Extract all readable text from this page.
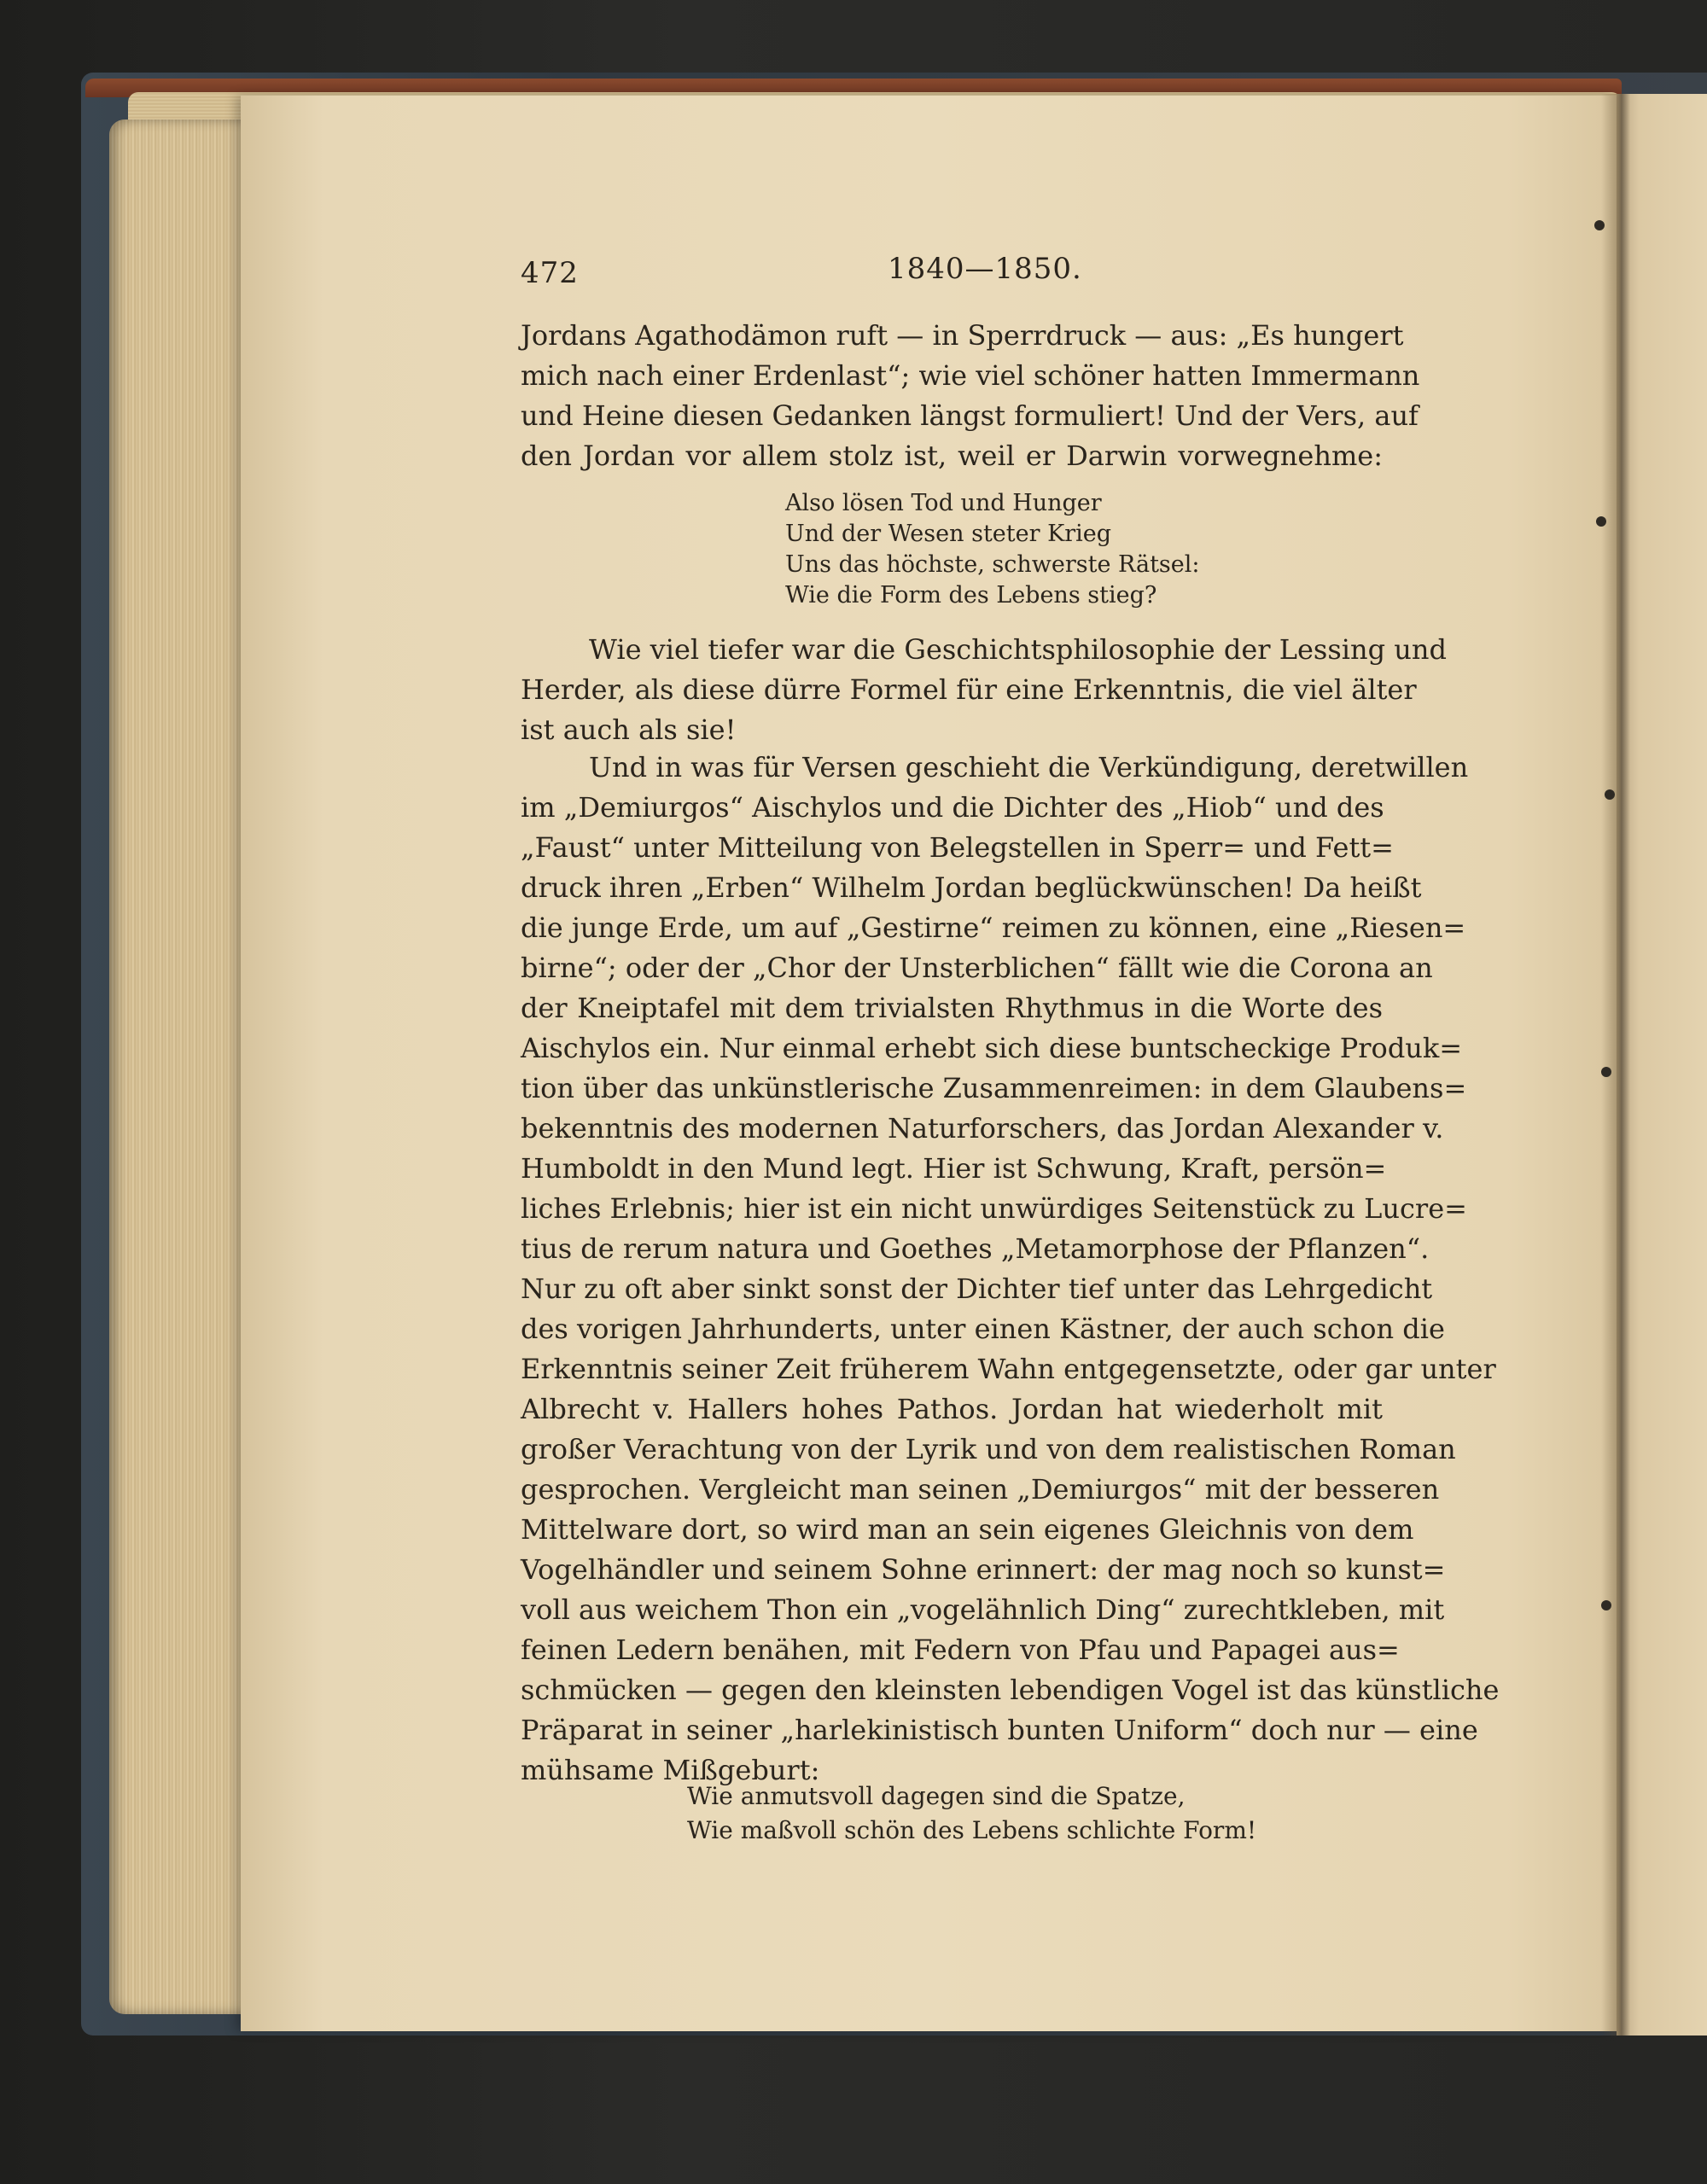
472	1840—1850.
Jordans Agathodämon ruft — in Sperrdruck — aus: „Es hungert
mich nach einer Erdenlast“; wie viel schöner hatten Immermann
und Heine diesen Gedanken längst formuliert! Und der Vers, auf
den Jordan vor allem stolz ist, weil er Darwin vorwegnehme:
Also lösen Tod und Hunger
Und der Wesen steter Krieg
Uns das höchste, schwerste Rätsel:
Wie die Form des Lebens stieg?
Wie viel tiefer war die Geschichtsphilosophie der Lessing und
Herder, als diese dürre Formel für eine Erkenntnis, die viel älter
ist auch als sie!
Und in was für Versen geschieht die Verkündigung, deretwillen
im „Demiurgos“ Aischylos und die Dichter des „Hiob“ und des
„Faust“ unter Mitteilung von Belegstellen in Sperr= und Fett=
druck ihren „Erben“ Wilhelm Jordan beglückwünschen! Da heißt
die junge Erde, um auf „Gestirne“ reimen zu können, eine „Riesen=
birne“; oder der „Chor der Unsterblichen“ fällt wie die Corona an
der Kneiptafel mit dem trivialsten Rhythmus in die Worte des
Aischylos ein. Nur einmal erhebt sich diese buntscheckige Produk=
tion über das unkünstlerische Zusammenreimen: in dem Glaubens=
bekenntnis des modernen Naturforschers, das Jordan Alexander v.
Humboldt in den Mund legt. Hier ist Schwung, Kraft, persön=
liches Erlebnis; hier ist ein nicht unwürdiges Seitenstück zu Lucre=
tius de rerum natura und Goethes „Metamorphose der Pflanzen“.
Nur zu oft aber sinkt sonst der Dichter tief unter das Lehrgedicht
des vorigen Jahrhunderts, unter einen Kästner, der auch schon die
Erkenntnis seiner Zeit früherem Wahn entgegensetzte, oder gar unter
Albrecht v. Hallers hohes Pathos. Jordan hat wiederholt mit
großer Verachtung von der Lyrik und von dem realistischen Roman
gesprochen. Vergleicht man seinen „Demiurgos“ mit der besseren
Mittelware dort, so wird man an sein eigenes Gleichnis von dem
Vogelhändler und seinem Sohne erinnert: der mag noch so kunst=
voll aus weichem Thon ein „vogelähnlich Ding“ zurechtkleben, mit
feinen Ledern benähen, mit Federn von Pfau und Papagei aus=
schmücken — gegen den kleinsten lebendigen Vogel ist das künstliche
Präparat in seiner „harlekinistisch bunten Uniform“ doch nur — eine
mühsame Mißgeburt:
Wie anmutsvoll dagegen sind die Spatze,
Wie maßvoll schön des Lebens schlichte Form!
